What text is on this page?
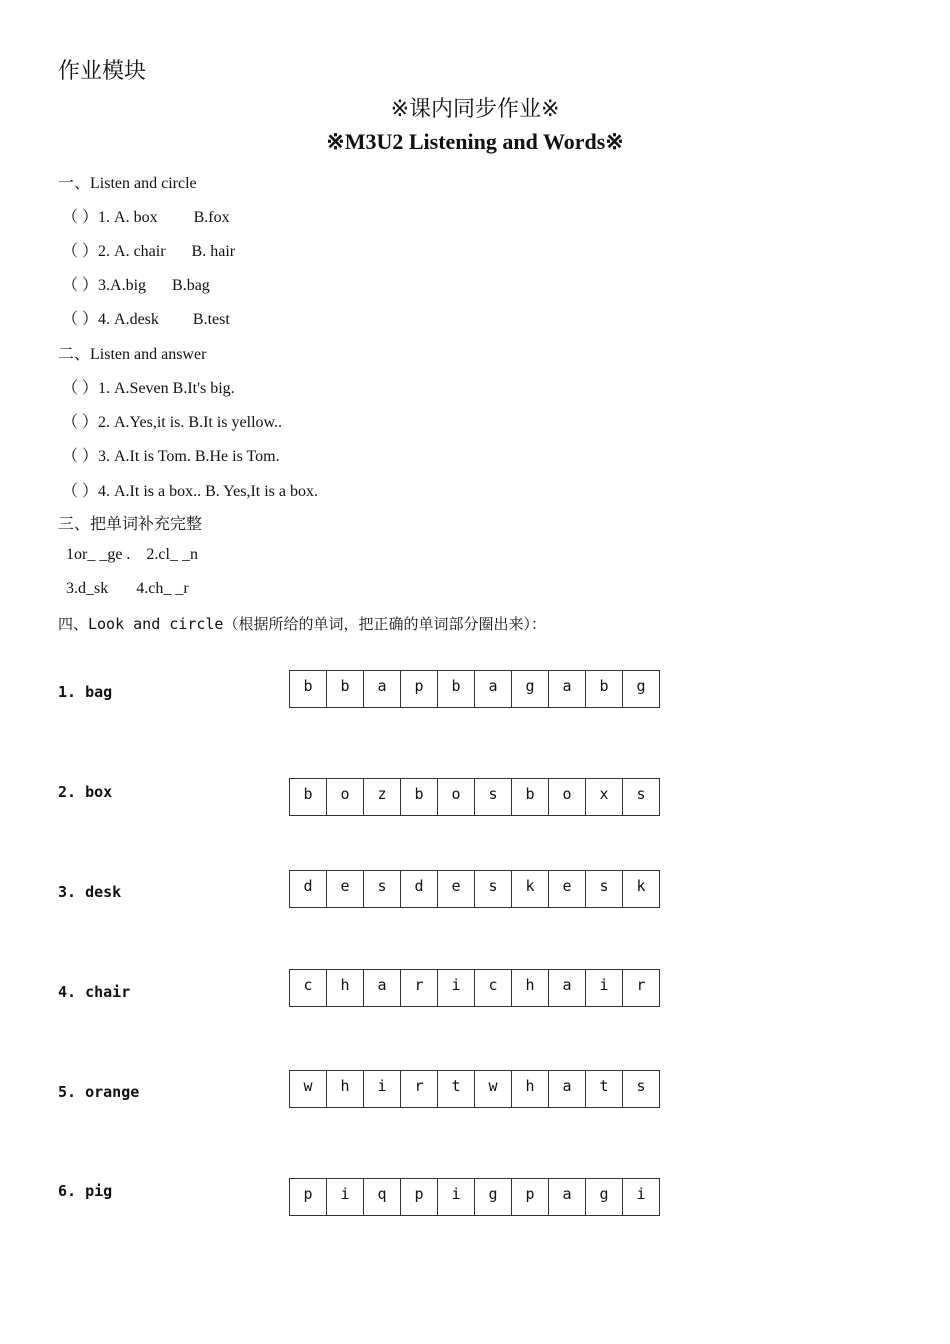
作业模块
※课内同步作业※
※M3U2 Listening and Words※
一、Listen and circle
（ ）1. A. box B.fox
（ ）2. A. chair B. hair
（ ）3.A.big B.bag
（ ）4. A.desk B.test
二、Listen and answer
（ ）1. A.Seven B.It's big.
（ ）2. A.Yes,it is. B.It is yellow..
（ ）3. A.It is Tom. B.He is Tom.
（ ）4. A.It is a box.. B. Yes,It is a box.
三、把单词补充完整
1or_ _ge .    2.cl_ _n
3.d_sk       4.ch_ _r
四、Look and circle（根据所给的单词，把正确的单词部分圈出来）：
1. bag	b	b	a	p	b	a	g	a	b	g
2. box	b	o	z	b	o	s	b	o	x	s
3. desk	d	e	s	d	e	s	k	e	s	k
4. chair	c	h	a	r	i	c	h	a	i	r
5. orange	w	h	i	r	t	w	h	a	t	s
6. pig	p	i	q	p	i	g	p	a	g	i
